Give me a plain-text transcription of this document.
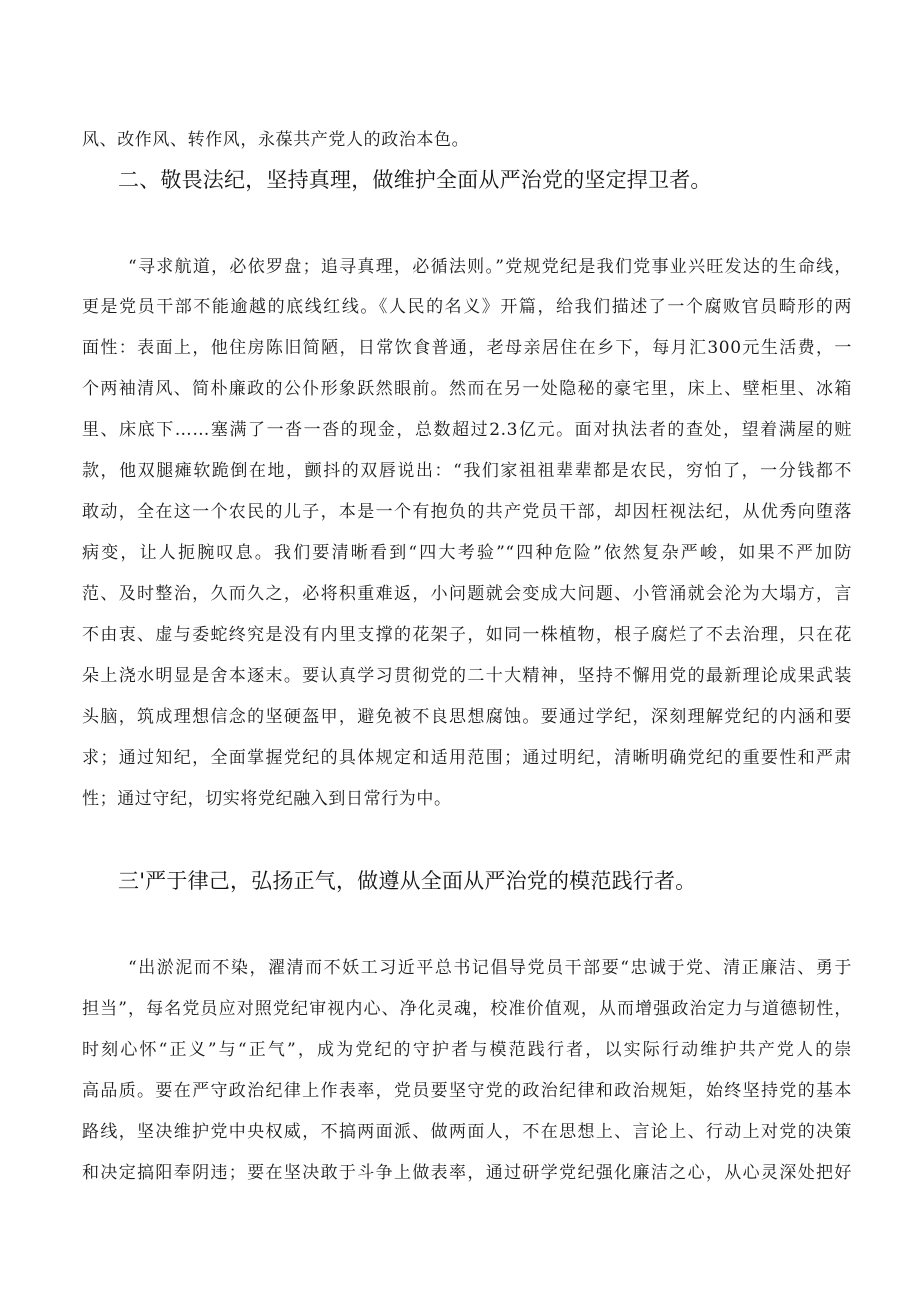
风、改作风、转作风，永葆共产党人的政治本色。
二、敬畏法纪，坚持真理，做维护全面从严治党的坚定捍卫者。
“寻求航道，必依罗盘；追寻真理，必循法则。”党规党纪是我们党事业兴旺发达的生命线，
更是党员干部不能逾越的底线红线。《人民的名义》开篇，给我们描述了一个腐败官员畸形的两
面性：表面上，他住房陈旧简陋，日常饮食普通，老母亲居住在乡下，每月汇300元生活费，一
个两袖清风、简朴廉政的公仆形象跃然眼前。然而在另一处隐秘的豪宅里，床上、壁柜里、冰箱
里、床底下……塞满了一沓一沓的现金，总数超过2.3亿元。面对执法者的查处，望着满屋的赃
款，他双腿瘫软跪倒在地，颤抖的双唇说出：“我们家祖祖辈辈都是农民，穷怕了，一分钱都不
敢动，全在这一个农民的儿子，本是一个有抱负的共产党员干部，却因枉视法纪，从优秀向堕落
病变，让人扼腕叹息。我们要清晰看到“四大考验”“四种危险”依然复杂严峻，如果不严加防
范、及时整治，久而久之，必将积重难返，小问题就会变成大问题、小管涌就会沦为大塌方，言
不由衷、虚与委蛇终究是没有内里支撑的花架子，如同一株植物，根子腐烂了不去治理，只在花
朵上浇水明显是舍本逐末。要认真学习贯彻党的二十大精神，坚持不懈用党的最新理论成果武装
头脑，筑成理想信念的坚硬盔甲，避免被不良思想腐蚀。要通过学纪，深刻理解党纪的内涵和要
求；通过知纪，全面掌握党纪的具体规定和适用范围；通过明纪，清晰明确党纪的重要性和严肃
性；通过守纪，切实将党纪融入到日常行为中。
三'严于律己，弘扬正气，做遵从全面从严治党的模范践行者。
“出淤泥而不染，濯清而不妖工习近平总书记倡导党员干部要“忠诚于党、清正廉洁、勇于
担当”，每名党员应对照党纪审视内心、净化灵魂，校准价值观，从而增强政治定力与道德韧性，
时刻心怀“正义”与“正气”，成为党纪的守护者与模范践行者，以实际行动维护共产党人的崇
高品质。要在严守政治纪律上作表率，党员要坚守党的政治纪律和政治规矩，始终坚持党的基本
路线，坚决维护党中央权威，不搞两面派、做两面人，不在思想上、言论上、行动上对党的决策
和决定搞阳奉阴违；要在坚决敢于斗争上做表率，通过研学党纪强化廉洁之心，从心灵深处把好
